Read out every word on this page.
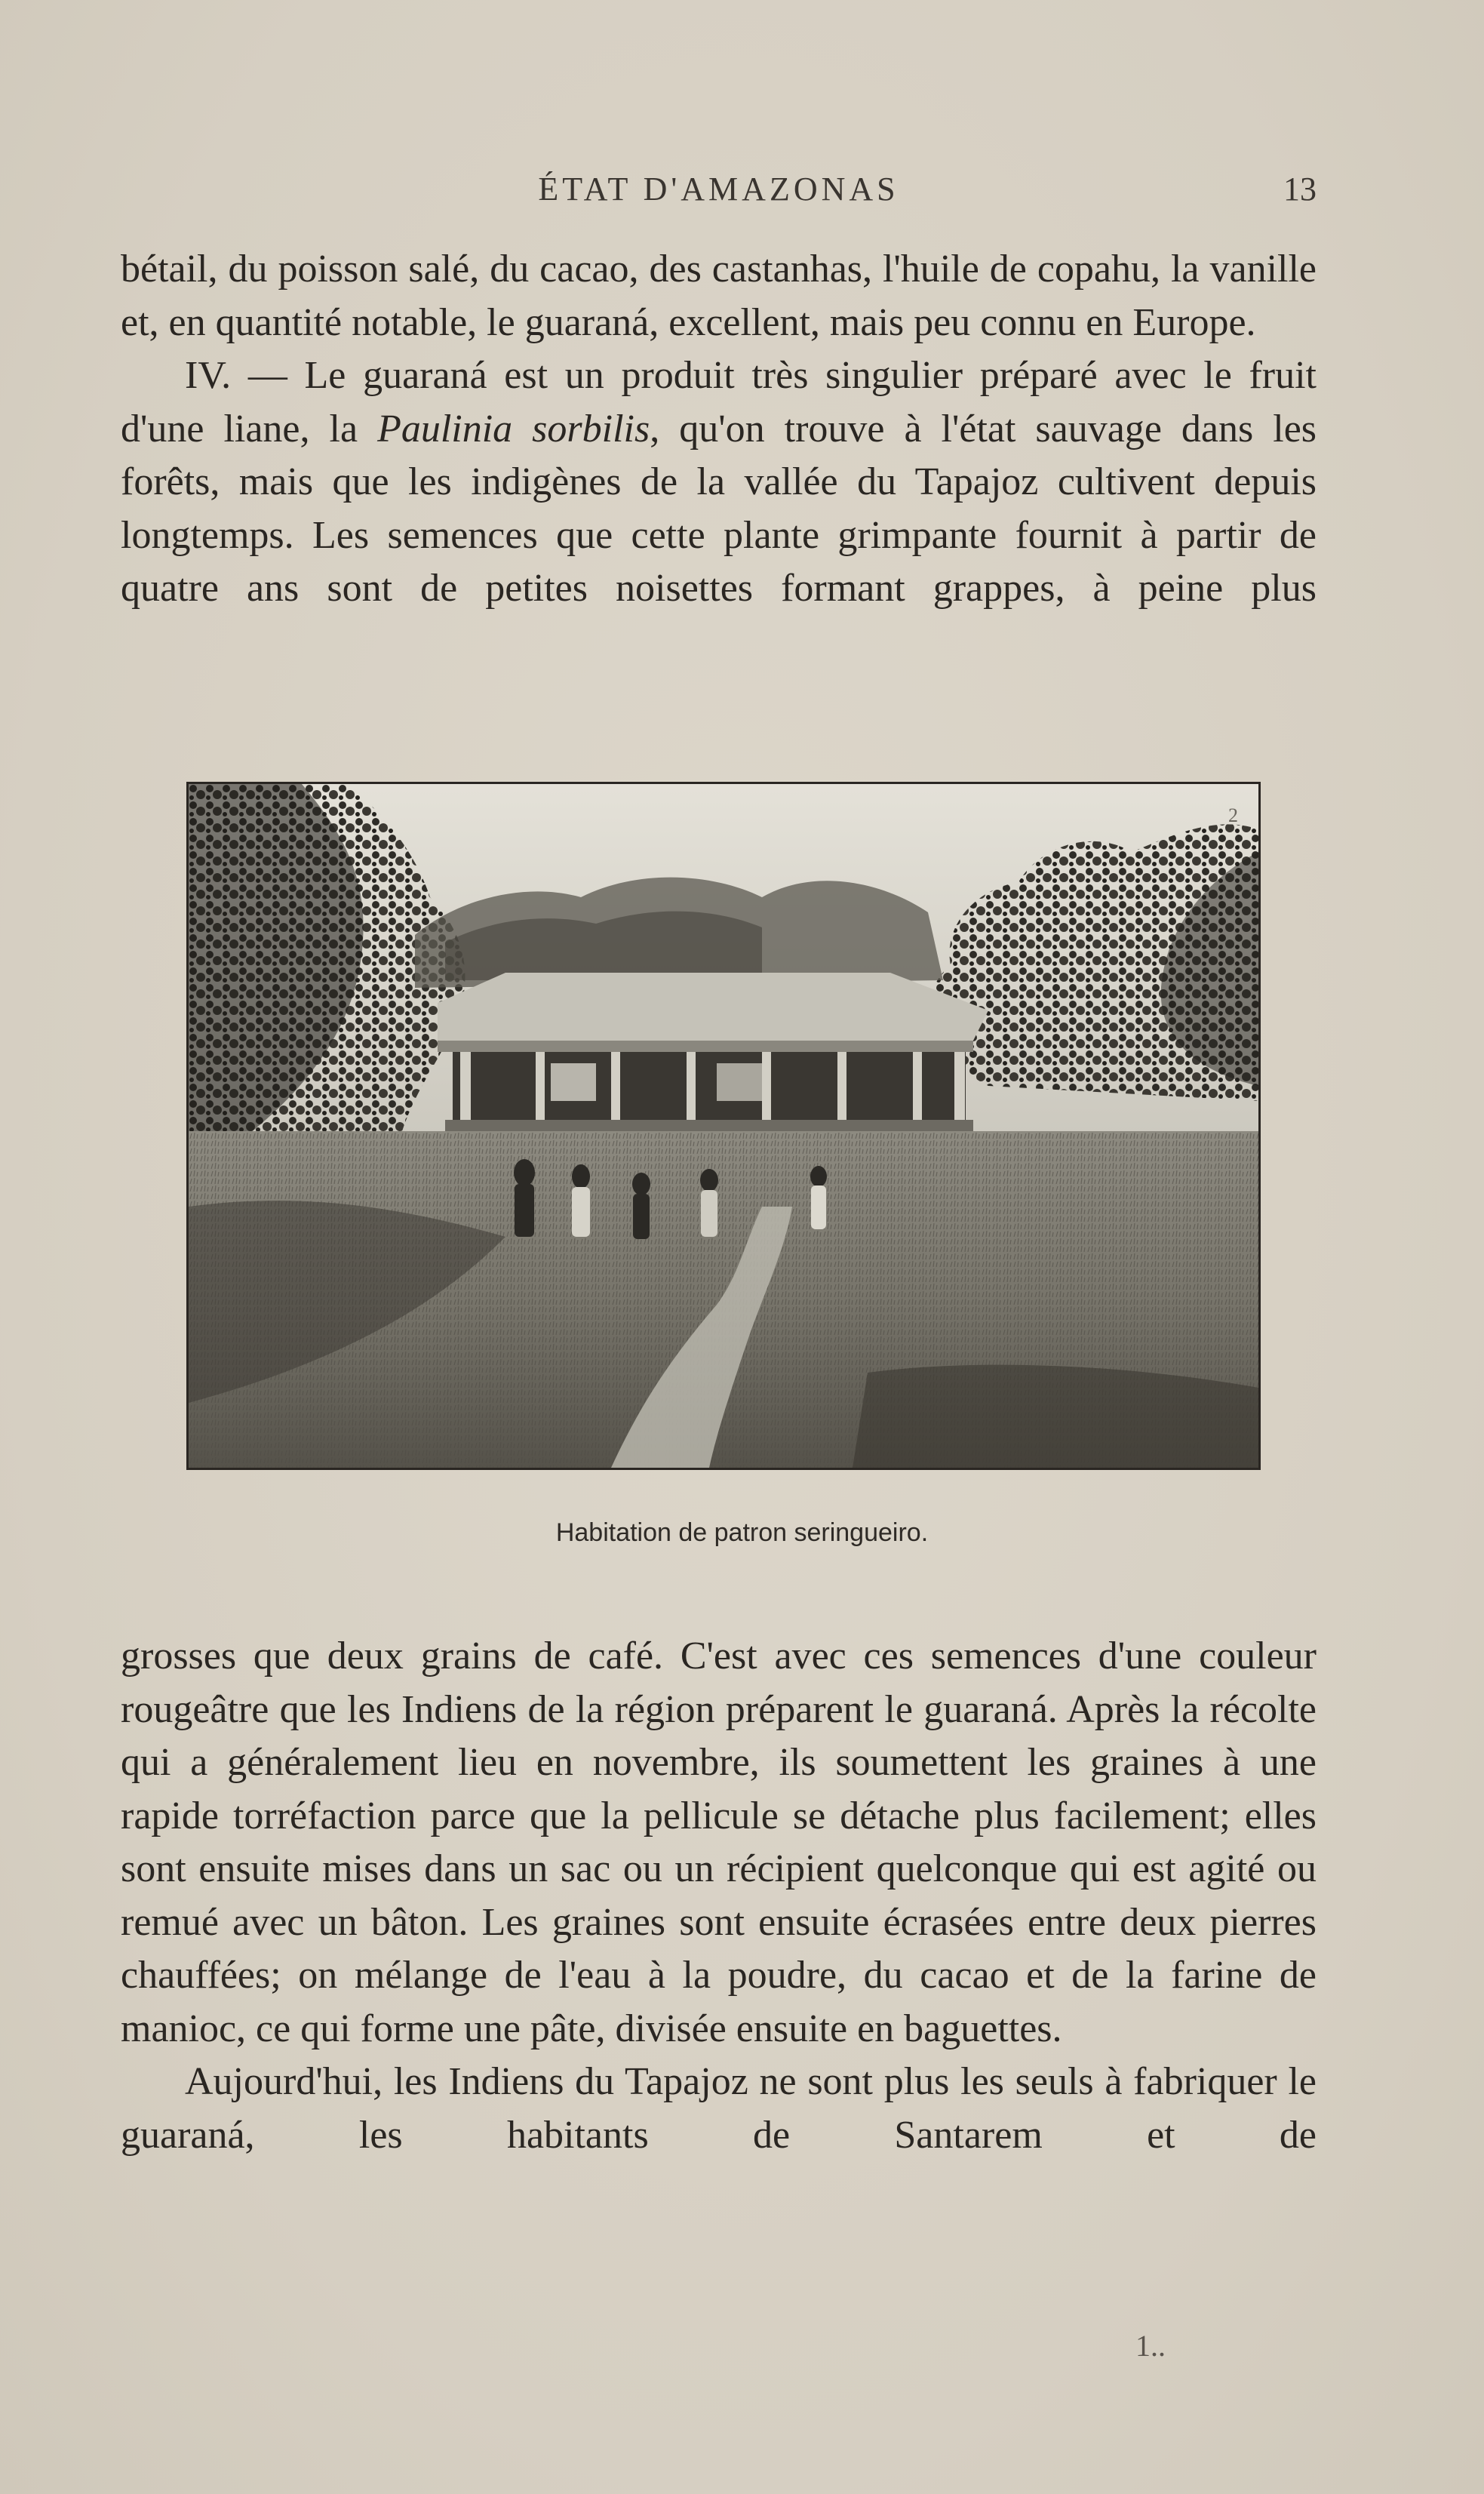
ÉTAT D'AMAZONAS	13

bétail, du poisson salé, du cacao, des castanhas, l'huile de copahu, la vanille et, en quantité notable, le guaraná, excellent, mais peu connu en Europe.

IV. — Le guaraná est un produit très singulier préparé avec le fruit d'une liane, la Paulinia sorbilis, qu'on trouve à l'état sauvage dans les forêts, mais que les indigènes de la vallée du Tapajoz cultivent depuis longtemps. Les semences que cette plante grimpante fournit à partir de quatre ans sont de petites noisettes formant grappes, à peine plus

2
Habitation de patron seringueiro.

grosses que deux grains de café. C'est avec ces semences d'une couleur rougeâtre que les Indiens de la région préparent le guaraná. Après la récolte qui a généralement lieu en novembre, ils soumettent les graines à une rapide torréfaction parce que la pellicule se détache plus facilement; elles sont ensuite mises dans un sac ou un récipient quelconque qui est agité ou remué avec un bâton. Les graines sont ensuite écrasées entre deux pierres chauffées; on mélange de l'eau à la poudre, du cacao et de la farine de manioc, ce qui forme une pâte, divisée ensuite en baguettes.

Aujourd'hui, les Indiens du Tapajoz ne sont plus les seuls à fabriquer le guaraná, les habitants de Santarem et de

1..
